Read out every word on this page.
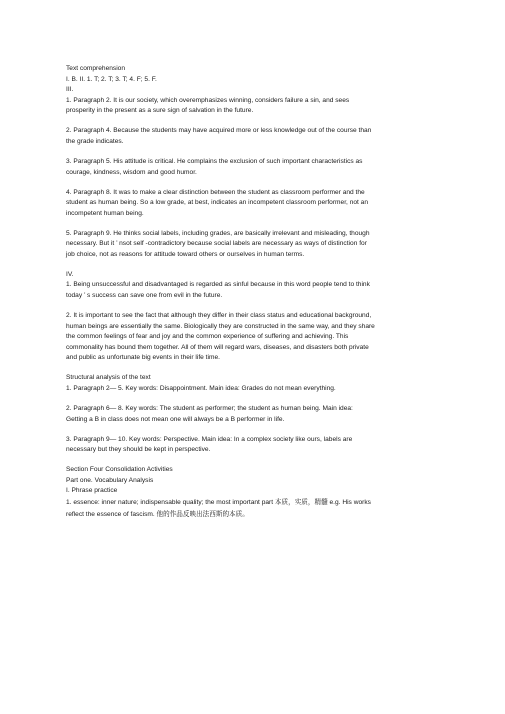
Text comprehension

I. B. II. 1. T; 2. T; 3. T; 4. F; 5. F.

III.

1. Paragraph 2. It is our society, which overemphasizes winning, considers failure a sin, and sees

prosperity in the present as a sure sign of salvation in the future.

2. Paragraph 4. Because the students may have acquired more or less knowledge out of the course than

the grade indicates.

3. Paragraph 5. His attitude is critical. He complains the exclusion of such important characteristics as

courage, kindness, wisdom and good humor.

4. Paragraph 8. It was to make a clear distinction between the student as classroom performer and the

student as human being. So a low grade, at best, indicates an incompetent classroom performer, not an

incompetent human being.

5. Paragraph 9. He thinks social labels, including grades, are basically irrelevant and misleading, though

necessary. But it ’ nsot self -contradictory because social labels are necessary as ways of distinction for

job choice, not as reasons for attitude toward others or ourselves in human terms.

IV.

1. Being unsuccessful and disadvantaged is regarded as sinful because in this word people tend to think

today ’ s success can save one from evil in the future.

2. It is important to see the fact that although they differ in their class status and educational background,

human beings are essentially the same. Biologically they are constructed in the same way, and they share

the common feelings of fear and joy and the common experience of suffering and achieving. This

commonality has bound them together. All of them will regard wars, diseases, and disasters both private

and public as unfortunate big events in their life time.

Structural analysis of the text

1. Paragraph 2— 5. Key words: Disappointment. Main idea: Grades do not mean everything.

2. Paragraph 6— 8. Key words: The student as performer; the student as human being. Main idea:

Getting a B in class does not mean one will always be a B performer in life.

3. Paragraph 9— 10. Key words: Perspective. Main idea: In a complex society like ours, labels are

necessary but they should be kept in perspective.

Section Four Consolidation Activities

Part one. Vocabulary Analysis

I. Phrase practice

1. essence: inner nature; indispensable quality; the most important part 本质，实质，精髓 e.g. His works

reflect the essence of fascism. 他的作品反映出法西斯的本质。
